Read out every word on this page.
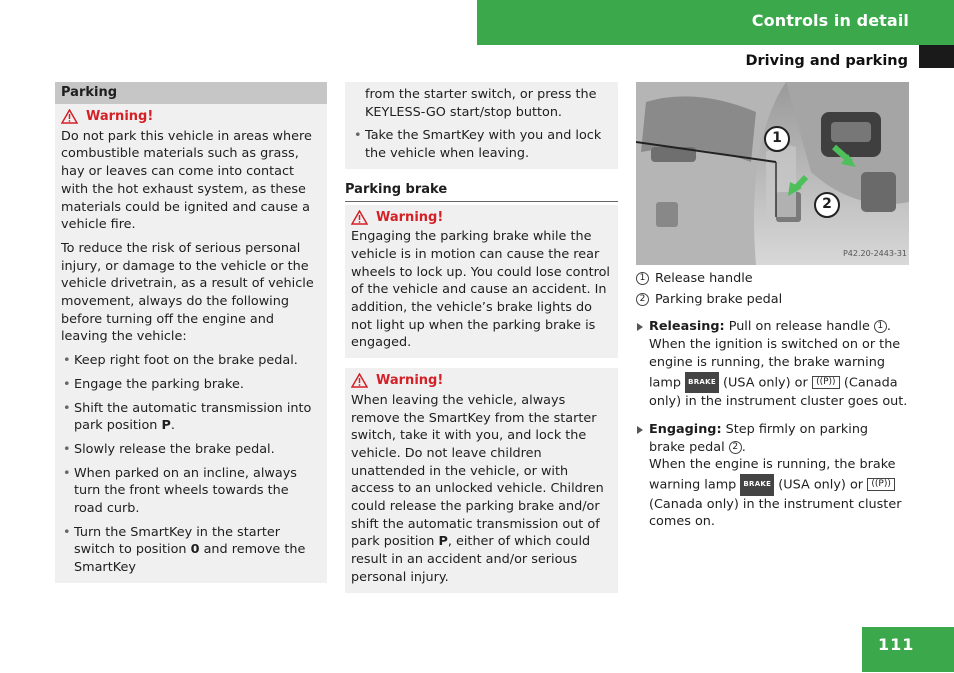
Controls in detail
Driving and parking
Parking
Warning!
Do not park this vehicle in areas where combustible materials such as grass, hay or leaves can come into contact with the hot exhaust system, as these materials could be ignited and cause a vehicle fire.
To reduce the risk of serious personal injury, or damage to the vehicle or the vehicle drivetrain, as a result of vehicle movement, always do the following before turning off the engine and leaving the vehicle:
• Keep right foot on the brake pedal.
• Engage the parking brake.
• Shift the automatic transmission into park position P.
• Slowly release the brake pedal.
• When parked on an incline, always turn the front wheels towards the road curb.
• Turn the SmartKey in the starter switch to position 0 and remove the SmartKey
from the starter switch, or press the KEYLESS-GO start/stop button.
• Take the SmartKey with you and lock the vehicle when leaving.
Parking brake
Warning!
Engaging the parking brake while the vehicle is in motion can cause the rear wheels to lock up. You could lose control of the vehicle and cause an accident. In addition, the vehicle’s brake lights do not light up when the parking brake is engaged.
Warning!
When leaving the vehicle, always remove the SmartKey from the starter switch, take it with you, and lock the vehicle. Do not leave children unattended in the vehicle, or with access to an unlocked vehicle. Children could release the parking brake and/or shift the automatic transmission out of park position P, either of which could result in an accident and/or serious personal injury.
1
2
P42.20-2443-31
1 Release handle
2 Parking brake pedal
Releasing: Pull on release handle 1 . When the ignition is switched on or the engine is running, the brake warning lamp BRAKE (USA only) or ((P)) (Canada only) in the instrument cluster goes out.
Engaging: Step firmly on parking brake pedal 2 .
When the engine is running, the brake warning lamp BRAKE (USA only) or ((P)) (Canada only) in the instrument cluster comes on.
111
